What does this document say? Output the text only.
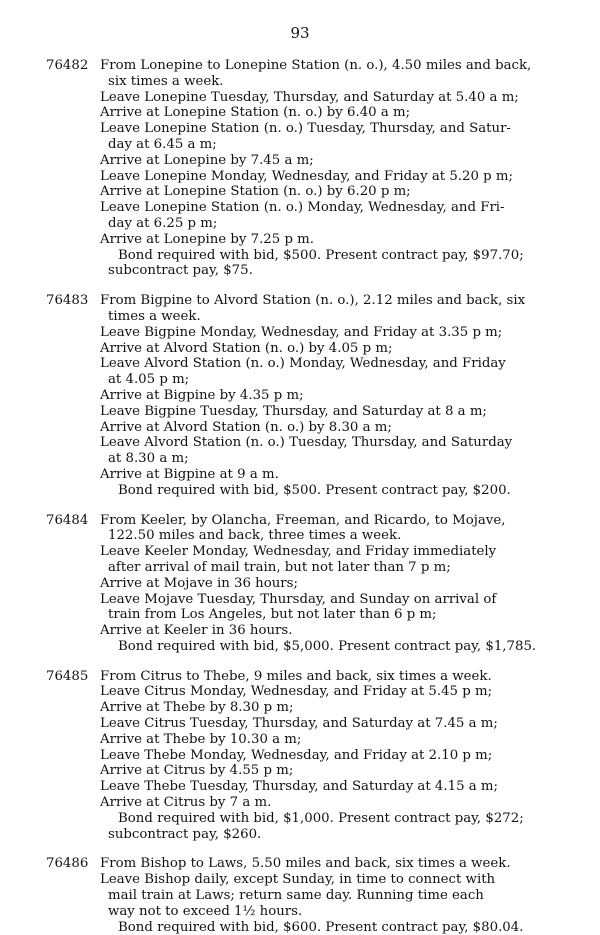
93
76482 From Lonepine to Lonepine Station (n. o.), 4.50 miles and back,

six times a week.

Leave Lonepine Tuesday, Thursday, and Saturday at 5.40 a m;

Arrive at Lonepine Station (n. o.) by 6.40 a m;

Leave Lonepine Station (n. o.) Tuesday, Thursday, and Satur-

day at 6.45 a m;

Arrive at Lonepine by 7.45 a m;

Leave Lonepine Monday, Wednesday, and Friday at 5.20 p m;

Arrive at Lonepine Station (n. o.) by 6.20 p m;

Leave Lonepine Station (n. o.) Monday, Wednesday, and Fri-

day at 6.25 p m;

Arrive at Lonepine by 7.25 p m.

Bond required with bid, $500. Present contract pay, $97.70;

subcontract pay, $75.

76483 From Bigpine to Alvord Station (n. o.), 2.12 miles and back, six

times a week.

Leave Bigpine Monday, Wednesday, and Friday at 3.35 p m;

Arrive at Alvord Station (n. o.) by 4.05 p m;

Leave Alvord Station (n. o.) Monday, Wednesday, and Friday

at 4.05 p m;

Arrive at Bigpine by 4.35 p m;

Leave Bigpine Tuesday, Thursday, and Saturday at 8 a m;

Arrive at Alvord Station (n. o.) by 8.30 a m;

Leave Alvord Station (n. o.) Tuesday, Thursday, and Saturday

at 8.30 a m;

Arrive at Bigpine at 9 a m.

Bond required with bid, $500. Present contract pay, $200.

76484 From Keeler, by Olancha, Freeman, and Ricardo, to Mojave,

122.50 miles and back, three times a week.

Leave Keeler Monday, Wednesday, and Friday immediately

after arrival of mail train, but not later than 7 p m;

Arrive at Mojave in 36 hours;

Leave Mojave Tuesday, Thursday, and Sunday on arrival of

train from Los Angeles, but not later than 6 p m;

Arrive at Keeler in 36 hours.

Bond required with bid, $5,000. Present contract pay, $1,785.

76485 From Citrus to Thebe, 9 miles and back, six times a week.

Leave Citrus Monday, Wednesday, and Friday at 5.45 p m;

Arrive at Thebe by 8.30 p m;

Leave Citrus Tuesday, Thursday, and Saturday at 7.45 a m;

Arrive at Thebe by 10.30 a m;

Leave Thebe Monday, Wednesday, and Friday at 2.10 p m;

Arrive at Citrus by 4.55 p m;

Leave Thebe Tuesday, Thursday, and Saturday at 4.15 a m;

Arrive at Citrus by 7 a m.

Bond required with bid, $1,000. Present contract pay, $272;

subcontract pay, $260.

76486 From Bishop to Laws, 5.50 miles and back, six times a week.

Leave Bishop daily, except Sunday, in time to connect with

mail train at Laws; return same day. Running time each

way not to exceed 1½ hours.

Bond required with bid, $600. Present contract pay, $80.04.
